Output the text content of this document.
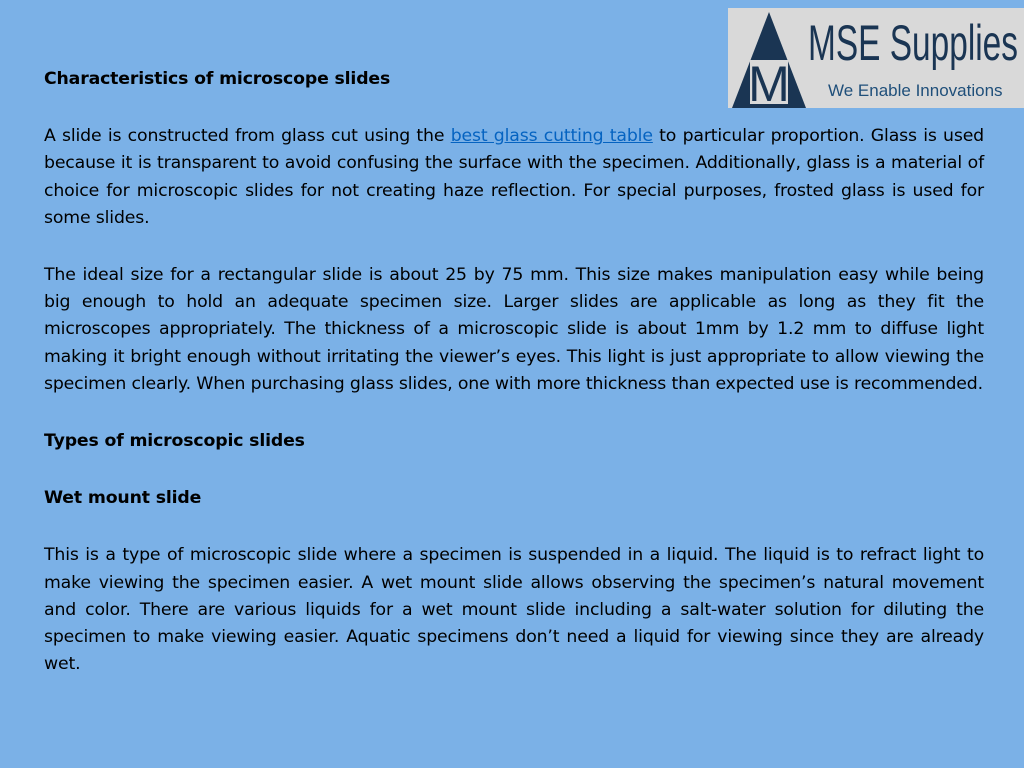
M
MSE Supplies
We Enable Innovations

Characteristics of microscope slides

A slide is constructed from glass cut using the best glass cutting table to particular proportion. Glass is used because it is transparent to avoid confusing the surface with the specimen. Additionally, glass is a material of choice for microscopic slides for not creating haze reflection. For special purposes, frosted glass is used for some slides.

The ideal size for a rectangular slide is about 25 by 75 mm. This size makes manipulation easy while being big enough to hold an adequate specimen size. Larger slides are applicable as long as they fit the microscopes appropriately. The thickness of a microscopic slide is about 1mm by 1.2 mm to diffuse light making it bright enough without irritating the viewer’s eyes. This light is just appropriate to allow viewing the specimen clearly. When purchasing glass slides, one with more thickness than expected use is recommended.

Types of microscopic slides

Wet mount slide

This is a type of microscopic slide where a specimen is suspended in a liquid. The liquid is to refract light to make viewing the specimen easier. A wet mount slide allows observing the specimen’s natural movement and color. There are various liquids for a wet mount slide including a salt-water solution for diluting the specimen to make viewing easier. Aquatic specimens don’t need a liquid for viewing since they are already wet.
